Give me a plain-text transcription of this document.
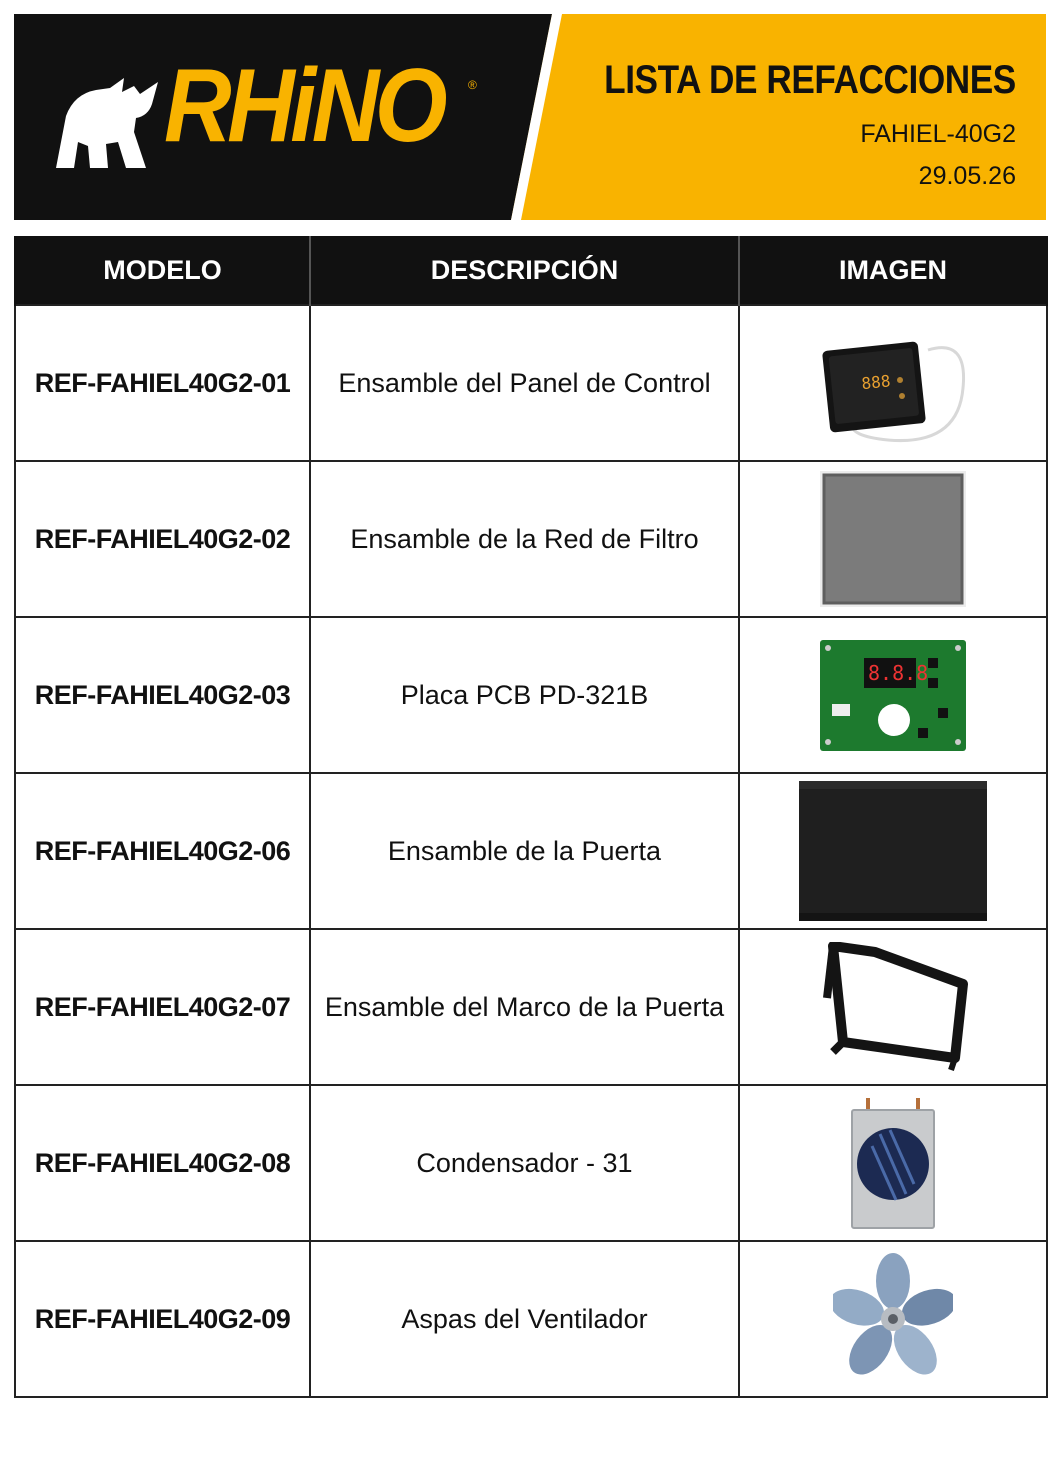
RHiNO ®	LISTA DE REFACCIONES
FAHIEL-40G2
29.05.26
MODELO	DESCRIPCIÓN	IMAGEN
REF-FAHIEL40G2-01	Ensamble del Panel de Control	888

REF-FAHIEL40G2-02	Ensamble de la Red de Filtro	

REF-FAHIEL40G2-03	Placa PCB PD-321B	8.8.8

REF-FAHIEL40G2-06	Ensamble de la Puerta	

REF-FAHIEL40G2-07	Ensamble del Marco de la Puerta	

REF-FAHIEL40G2-08	Condensador - 31	

REF-FAHIEL40G2-09	Aspas del Ventilador	
